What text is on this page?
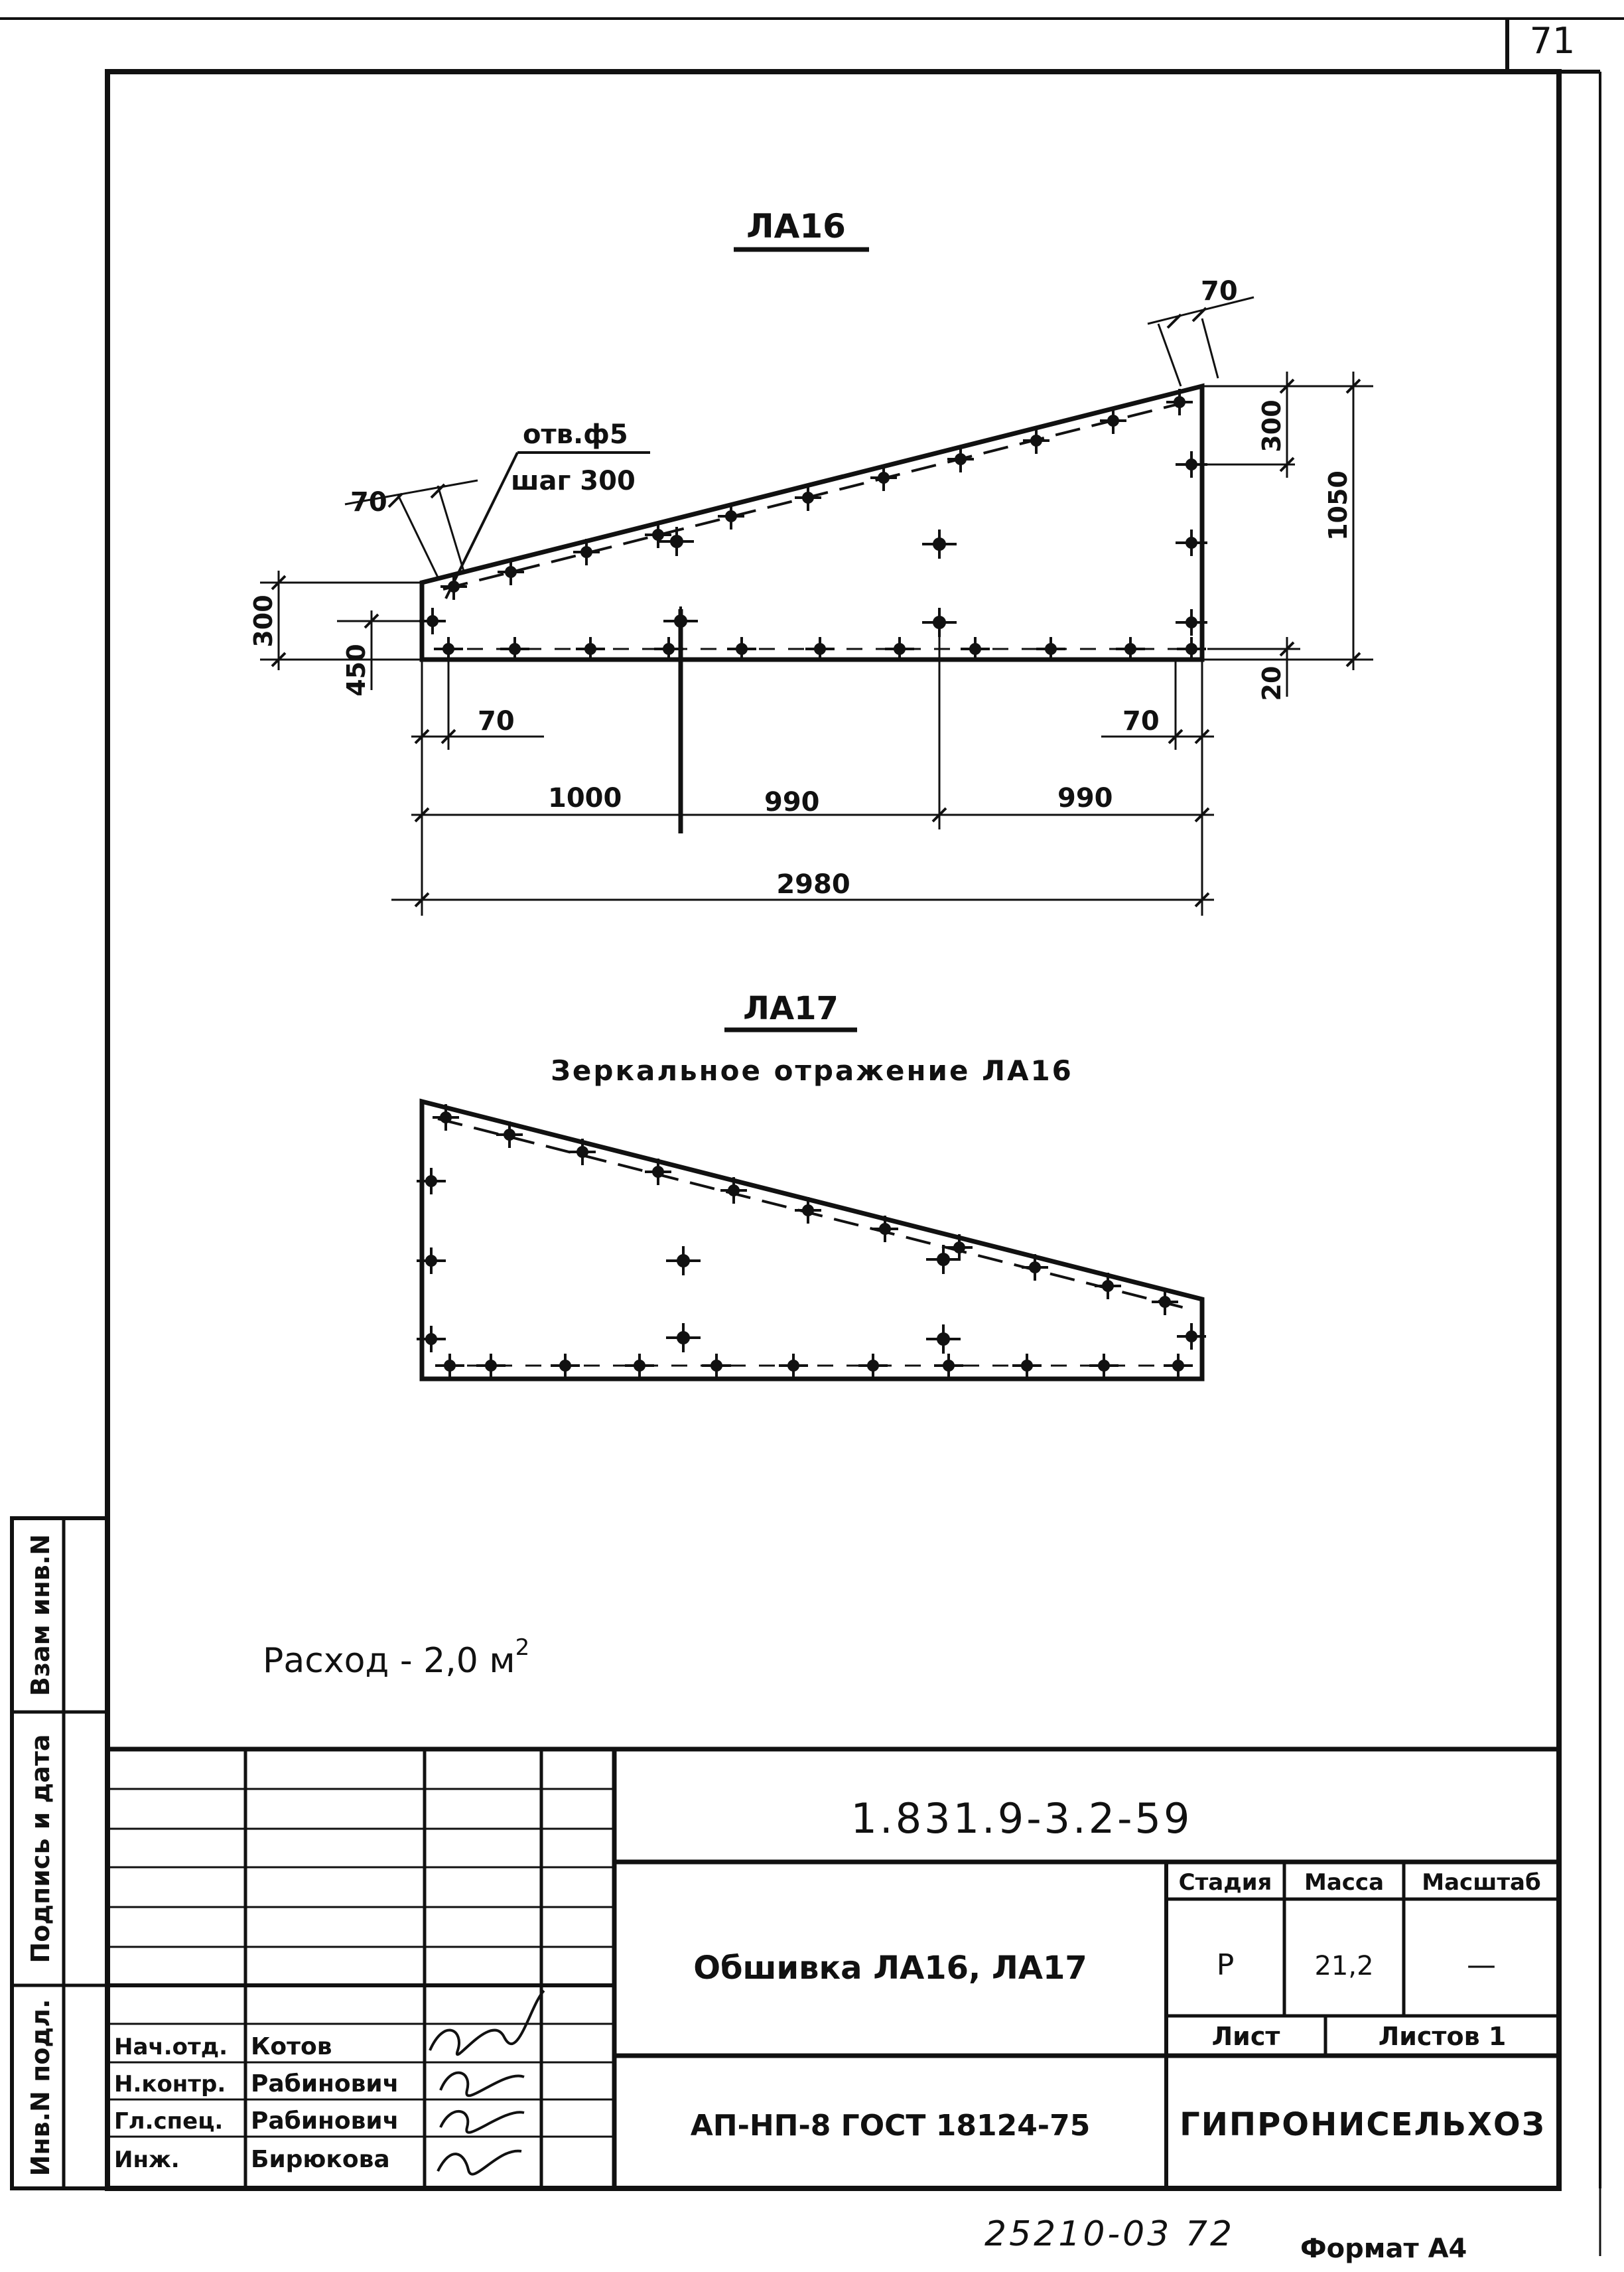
71
ЛА16
отв.ф5
шаг 300
70
70
300
1050
20
300
450
70	70
1000	990	990
2980
ЛА17
Зеркальное отражение ЛА16
Расход - 2,0 $м^2$
Взам инв.N
Подпись и дата
Инв.N подл.
1.831.9-3.2-59
Обшивка ЛА16, ЛА17
АП-НП-8 ГОСТ 18124-75	ГИПРОНИСЕЛЬХОЗ
Стадия Масса Масштаб
Р	21,2	—
Лист	Листов 1
Нач.отд. Котов
Н.контр. Рабинович
Гл.спец. Рабинович
Инж.	Бирюкова
25210-03 72 Формат А4
